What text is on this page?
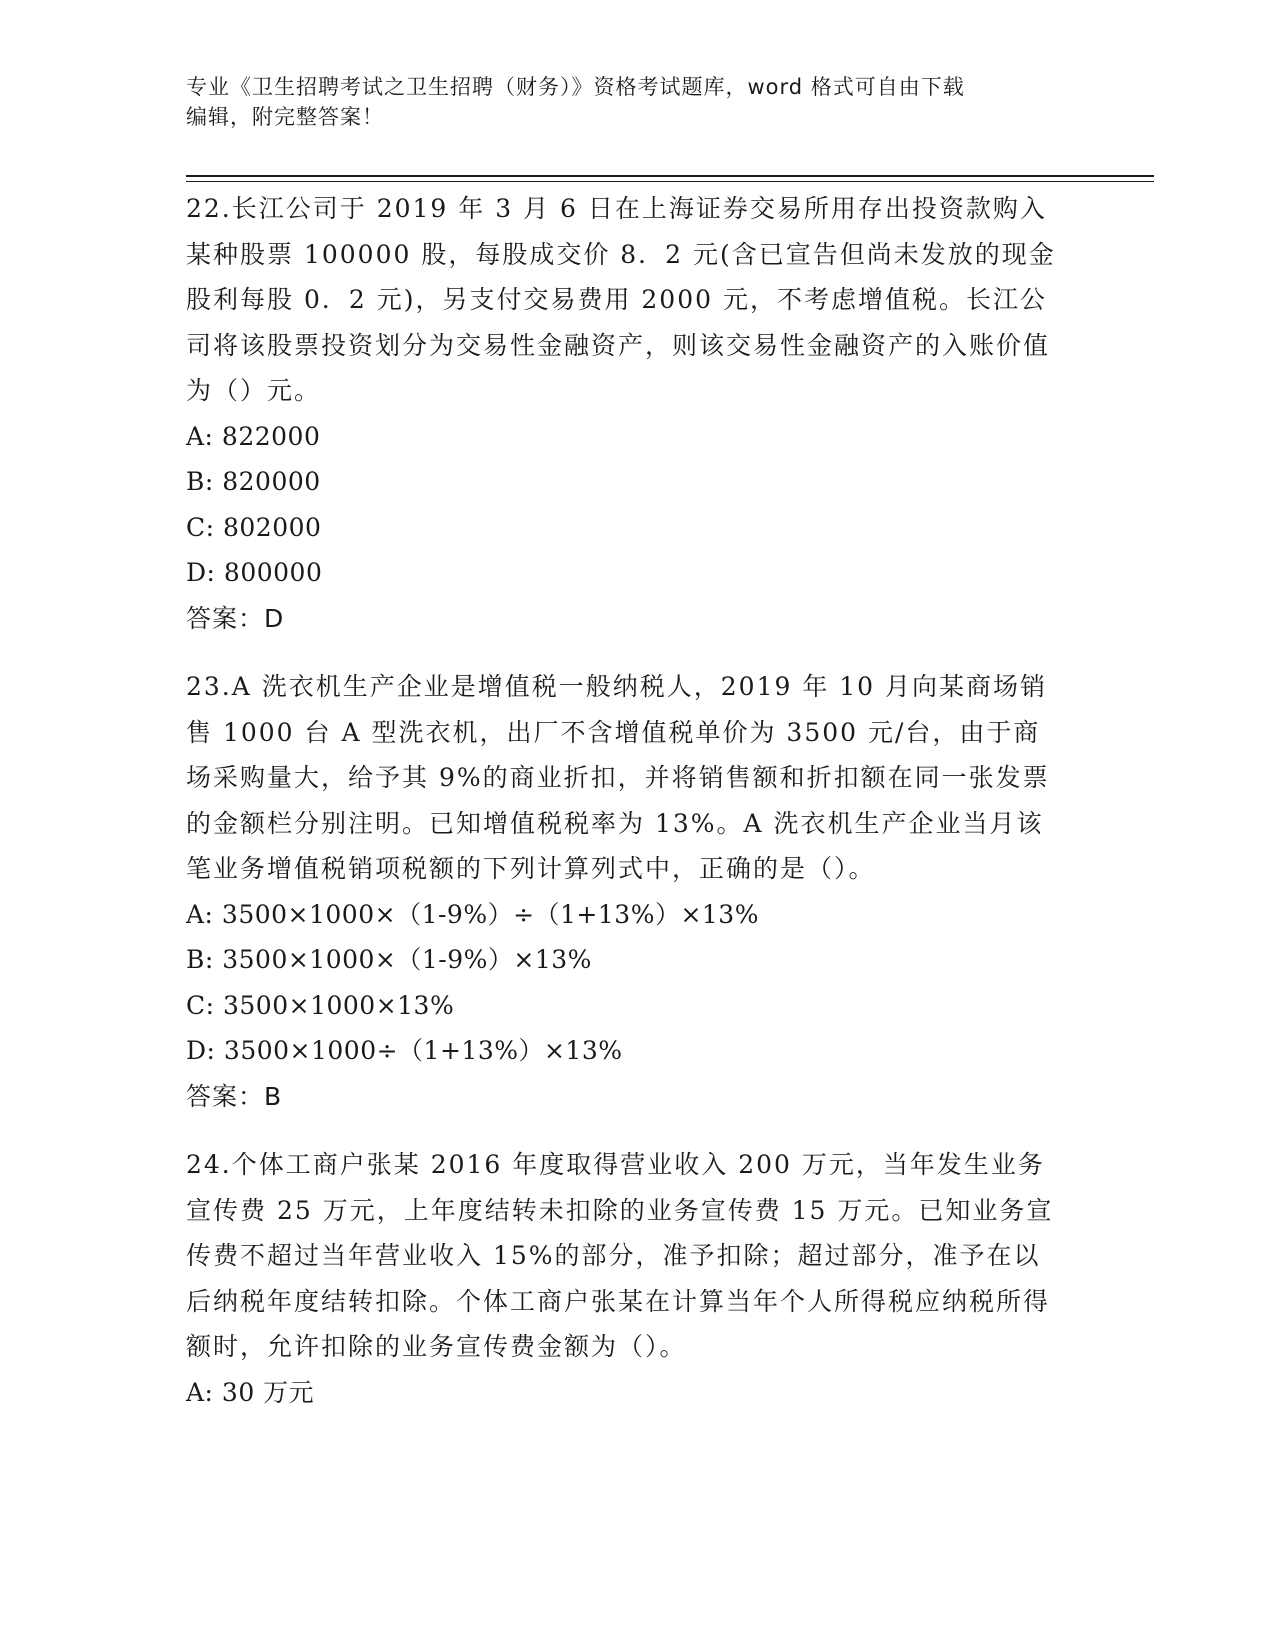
专业《卫生招聘考试之卫生招聘（财务）》资格考试题库，word 格式可自由下载
编辑，附完整答案！

22.长江公司于 2019 年 3 月 6 日在上海证券交易所用存出投资款购入某种股票 100000 股，每股成交价 8．2 元(含已宣告但尚未发放的现金股利每股 0．2 元)，另支付交易费用 2000 元，不考虑增值税。长江公司将该股票投资划分为交易性金融资产，则该交易性金融资产的入账价值为（）元。

A: 822000
B: 820000
C: 802000
D: 800000
答案：D

23.A 洗衣机生产企业是增值税一般纳税人，2019 年 10 月向某商场销售 1000 台 A 型洗衣机，出厂不含增值税单价为 3500 元/台，由于商场采购量大，给予其 9%的商业折扣，并将销售额和折扣额在同一张发票的金额栏分别注明。已知增值税税率为 13%。A 洗衣机生产企业当月该笔业务增值税销项税额的下列计算列式中，正确的是（）。

A: 3500×1000×（1-9%）÷（1+13%）×13%
B: 3500×1000×（1-9%）×13%
C: 3500×1000×13%
D: 3500×1000÷（1+13%）×13%
答案：B

24.个体工商户张某 2016 年度取得营业收入 200 万元，当年发生业务宣传费 25 万元，上年度结转未扣除的业务宣传费 15 万元。已知业务宣传费不超过当年营业收入 15%的部分，准予扣除；超过部分，准予在以后纳税年度结转扣除。个体工商户张某在计算当年个人所得税应纳税所得额时，允许扣除的业务宣传费金额为（）。

A: 30 万元
